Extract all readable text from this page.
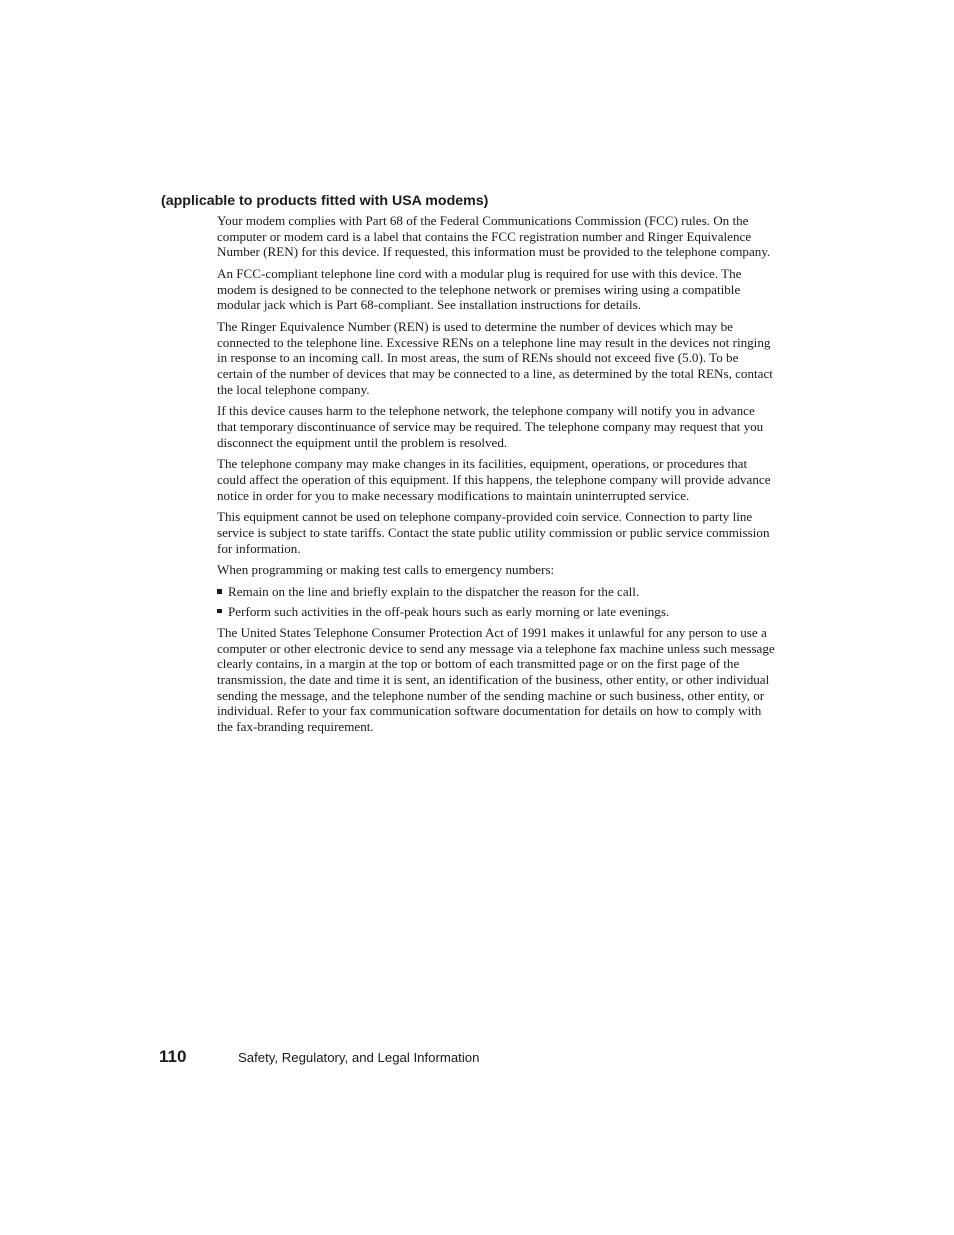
(applicable to products fitted with USA modems)

Your modem complies with Part 68 of the Federal Communications Commission (FCC) rules. On the computer or modem card is a label that contains the FCC registration number and Ringer Equivalence Number (REN) for this device. If requested, this information must be provided to the telephone company.

An FCC-compliant telephone line cord with a modular plug is required for use with this device. The modem is designed to be connected to the telephone network or premises wiring using a compatible modular jack which is Part 68-compliant. See installation instructions for details.

The Ringer Equivalence Number (REN) is used to determine the number of devices which may be connected to the telephone line. Excessive RENs on a telephone line may result in the devices not ringing in response to an incoming call. In most areas, the sum of RENs should not exceed five (5.0). To be certain of the number of devices that may be connected to a line, as determined by the total RENs, contact the local telephone company.

If this device causes harm to the telephone network, the telephone company will notify you in advance that temporary discontinuance of service may be required. The telephone company may request that you disconnect the equipment until the problem is resolved.

The telephone company may make changes in its facilities, equipment, operations, or procedures that could affect the operation of this equipment. If this happens, the telephone company will provide advance notice in order for you to make necessary modifications to maintain uninterrupted service.

This equipment cannot be used on telephone company-provided coin service. Connection to party line service is subject to state tariffs. Contact the state public utility commission or public service commission for information.

When programming or making test calls to emergency numbers:

Remain on the line and briefly explain to the dispatcher the reason for the call.
Perform such activities in the off-peak hours such as early morning or late evenings.

The United States Telephone Consumer Protection Act of 1991 makes it unlawful for any person to use a computer or other electronic device to send any message via a telephone fax machine unless such message clearly contains, in a margin at the top or bottom of each transmitted page or on the first page of the transmission, the date and time it is sent, an identification of the business, other entity, or other individual sending the message, and the telephone number of the sending machine or such business, other entity, or individual. Refer to your fax communication software documentation for details on how to comply with the fax-branding requirement.

110	Safety, Regulatory, and Legal Information
